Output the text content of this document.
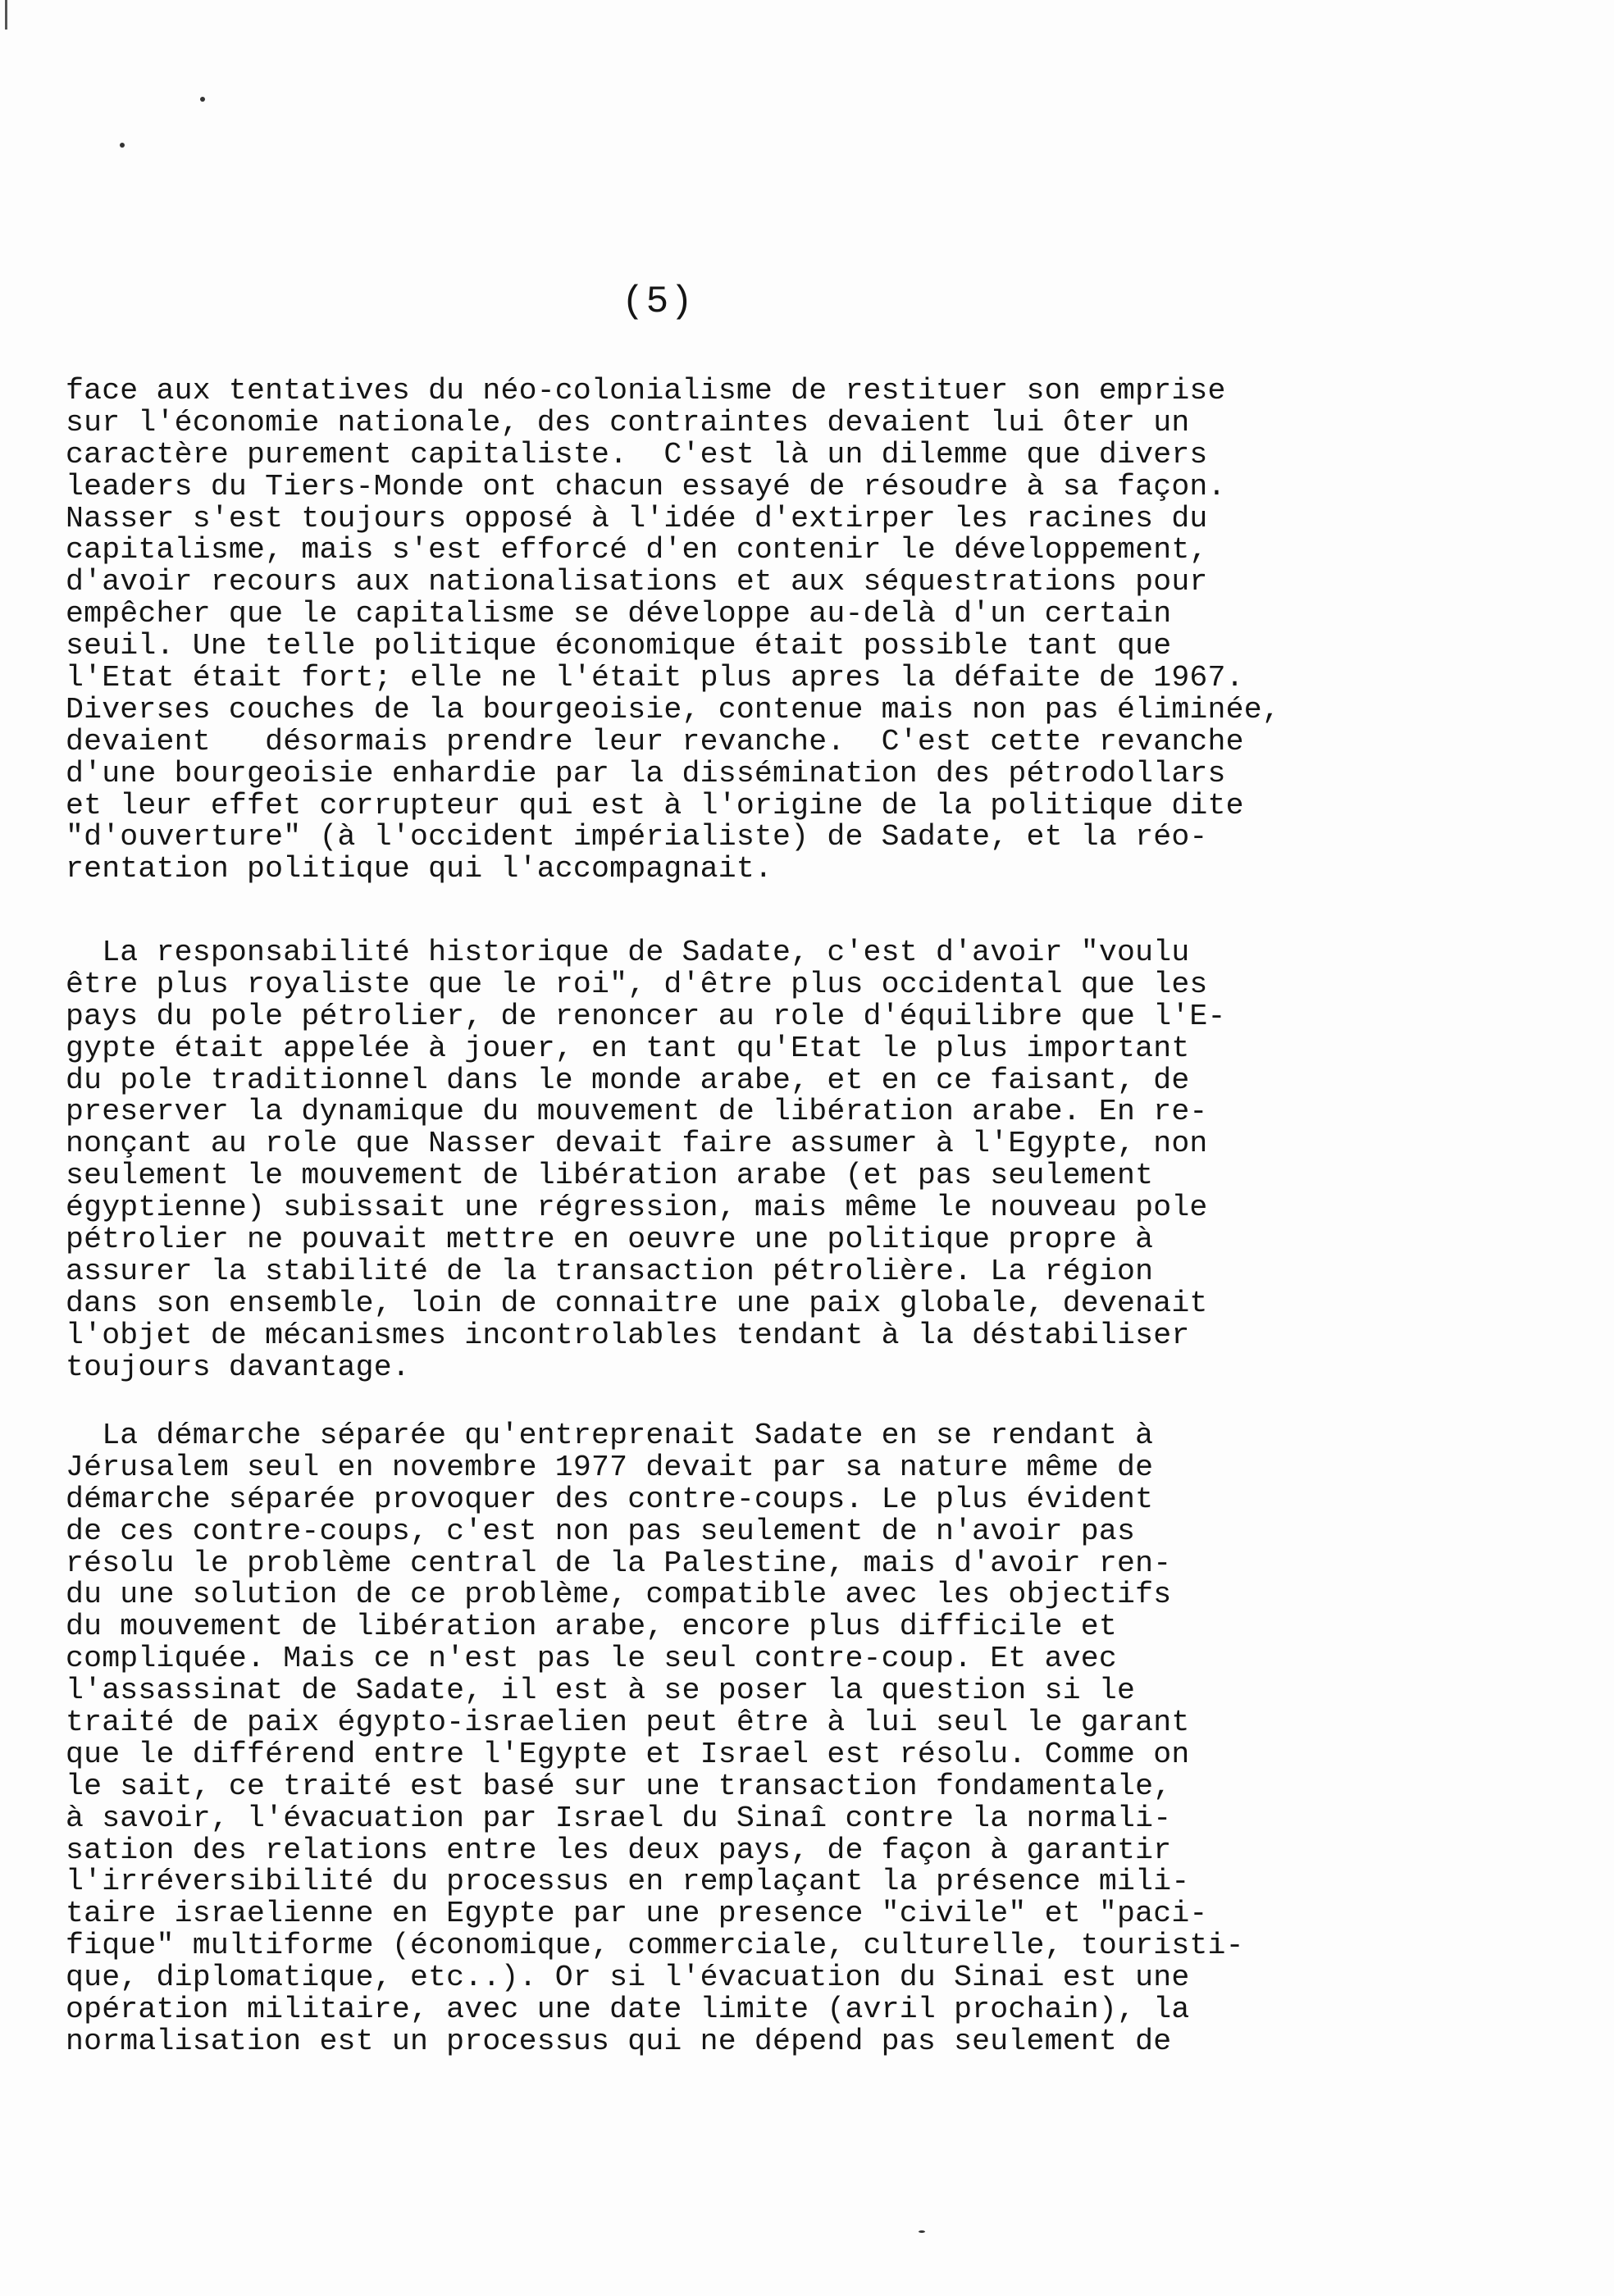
(5)
face aux tentatives du néo-colonialisme de restituer son emprise
sur l'économie nationale, des contraintes devaient lui ôter un
caractère purement capitaliste.  C'est là un dilemme que divers
leaders du Tiers-Monde ont chacun essayé de résoudre à sa façon.
Nasser s'est toujours opposé à l'idée d'extirper les racines du
capitalisme, mais s'est efforcé d'en contenir le développement,
d'avoir recours aux nationalisations et aux séquestrations pour
empêcher que le capitalisme se développe au-delà d'un certain
seuil. Une telle politique économique était possible tant que
l'Etat était fort; elle ne l'était plus apres la défaite de 1967.
Diverses couches de la bourgeoisie, contenue mais non pas éliminée,
devaient   désormais prendre leur revanche.  C'est cette revanche
d'une bourgeoisie enhardie par la dissémination des pétrodollars
et leur effet corrupteur qui est à l'origine de la politique dite
"d'ouverture" (à l'occident impérialiste) de Sadate, et la réo-
rentation politique qui l'accompagnait.
La responsabilité historique de Sadate, c'est d'avoir "voulu
être plus royaliste que le roi", d'être plus occidental que les
pays du pole pétrolier, de renoncer au role d'équilibre que l'E-
gypte était appelée à jouer, en tant qu'Etat le plus important
du pole traditionnel dans le monde arabe, et en ce faisant, de
preserver la dynamique du mouvement de libération arabe. En re-
nonçant au role que Nasser devait faire assumer à l'Egypte, non
seulement le mouvement de libération arabe (et pas seulement
égyptienne) subissait une régression, mais même le nouveau pole
pétrolier ne pouvait mettre en oeuvre une politique propre à
assurer la stabilité de la transaction pétrolière. La région
dans son ensemble, loin de connaitre une paix globale, devenait
l'objet de mécanismes incontrolables tendant à la déstabiliser
toujours davantage.
La démarche séparée qu'entreprenait Sadate en se rendant à
Jérusalem seul en novembre 1977 devait par sa nature même de
démarche séparée provoquer des contre-coups. Le plus évident
de ces contre-coups, c'est non pas seulement de n'avoir pas
résolu le problème central de la Palestine, mais d'avoir ren-
du une solution de ce problème, compatible avec les objectifs
du mouvement de libération arabe, encore plus difficile et
compliquée. Mais ce n'est pas le seul contre-coup. Et avec
l'assassinat de Sadate, il est à se poser la question si le
traité de paix égypto-israelien peut être à lui seul le garant
que le différend entre l'Egypte et Israel est résolu. Comme on
le sait, ce traité est basé sur une transaction fondamentale,
à savoir, l'évacuation par Israel du Sinaî contre la normali-
sation des relations entre les deux pays, de façon à garantir
l'irréversibilité du processus en remplaçant la présence mili-
taire israelienne en Egypte par une presence "civile" et "paci-
fique" multiforme (économique, commerciale, culturelle, touristi-
que, diplomatique, etc..). Or si l'évacuation du Sinai est une
opération militaire, avec une date limite (avril prochain), la
normalisation est un processus qui ne dépend pas seulement de
